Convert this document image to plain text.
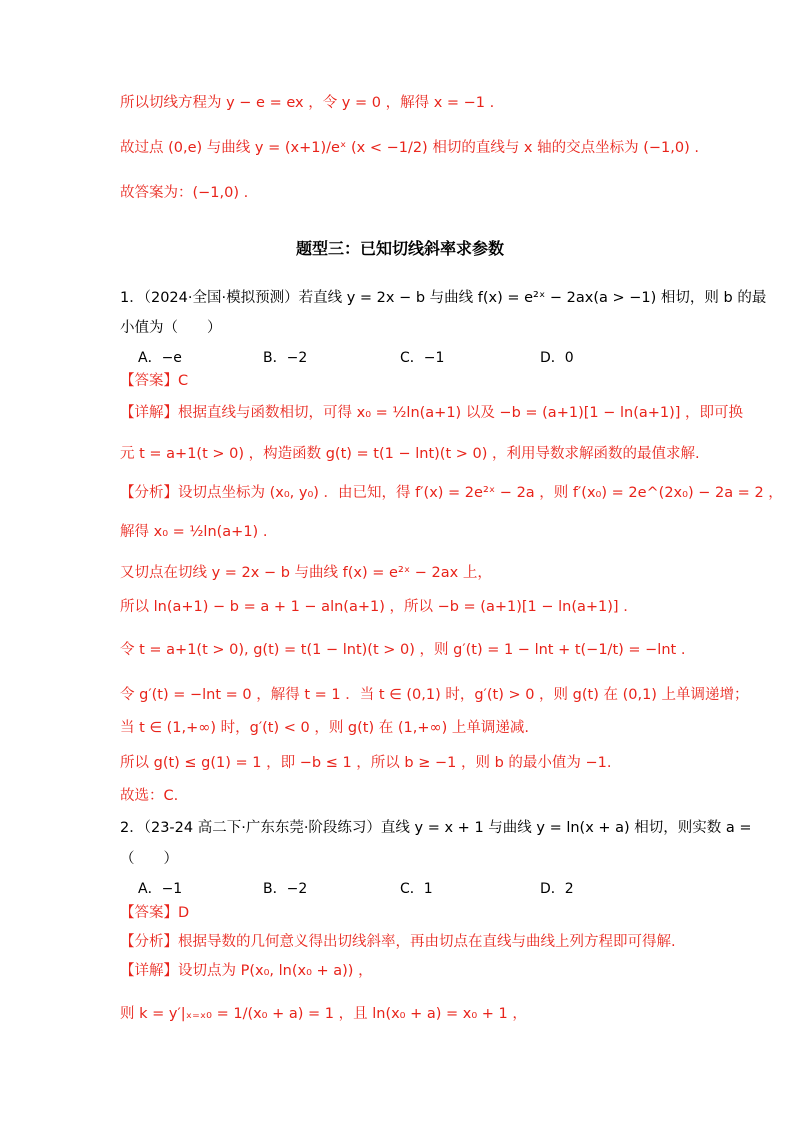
所以切线方程为 y − e = ex ，令 y = 0 ，解得 x = −1 .
故过点 (0,e) 与曲线 y = (x+1)/eˣ (x < −1/2) 相切的直线与 x 轴的交点坐标为 (−1,0) .
故答案为：(−1,0) .
题型三：已知切线斜率求参数
1．（2024·全国·模拟预测）若直线 y = 2x − b 与曲线 f(x) = e²ˣ − 2ax(a > −1) 相切，则 b 的最
小值为（　　）
A．−e	B．−2	C．−1	D．0
【答案】C
【详解】根据直线与函数相切，可得 x₀ = ½ln(a+1) 以及 −b = (a+1)[1 − ln(a+1)] ，即可换
元 t = a+1(t > 0) ，构造函数 g(t) = t(1 − lnt)(t > 0) ，利用导数求解函数的最值求解.
【分析】设切点坐标为 (x₀, y₀) ．由已知，得 f′(x) = 2e²ˣ − 2a ，则 f′(x₀) = 2e^(2x₀) − 2a = 2 ，
解得 x₀ = ½ln(a+1) .
又切点在切线 y = 2x − b 与曲线 f(x) = e²ˣ − 2ax 上，
所以 ln(a+1) − b = a + 1 − aln(a+1) ，所以 −b = (a+1)[1 − ln(a+1)] .
令 t = a+1(t > 0), g(t) = t(1 − lnt)(t > 0) ，则 g′(t) = 1 − lnt + t(−1/t) = −lnt .
令 g′(t) = −lnt = 0 ，解得 t = 1 ．当 t ∈ (0,1) 时，g′(t) > 0 ，则 g(t) 在 (0,1) 上单调递增；
当 t ∈ (1,+∞) 时，g′(t) < 0 ，则 g(t) 在 (1,+∞) 上单调递减.
所以 g(t) ≤ g(1) = 1 ，即 −b ≤ 1 ，所以 b ≥ −1 ，则 b 的最小值为 −1.
故选：C.
2．（23-24 高二下·广东东莞·阶段练习）直线 y = x + 1 与曲线 y = ln(x + a) 相切，则实数 a =
（　　）
A．−1	B．−2	C．1	D．2
【答案】D
【分析】根据导数的几何意义得出切线斜率，再由切点在直线与曲线上列方程即可得解.
【详解】设切点为 P(x₀, ln(x₀ + a)) ，
则 k = y′|ₓ₌ₓ₀ = 1/(x₀ + a) = 1 ，且 ln(x₀ + a) = x₀ + 1 ，
